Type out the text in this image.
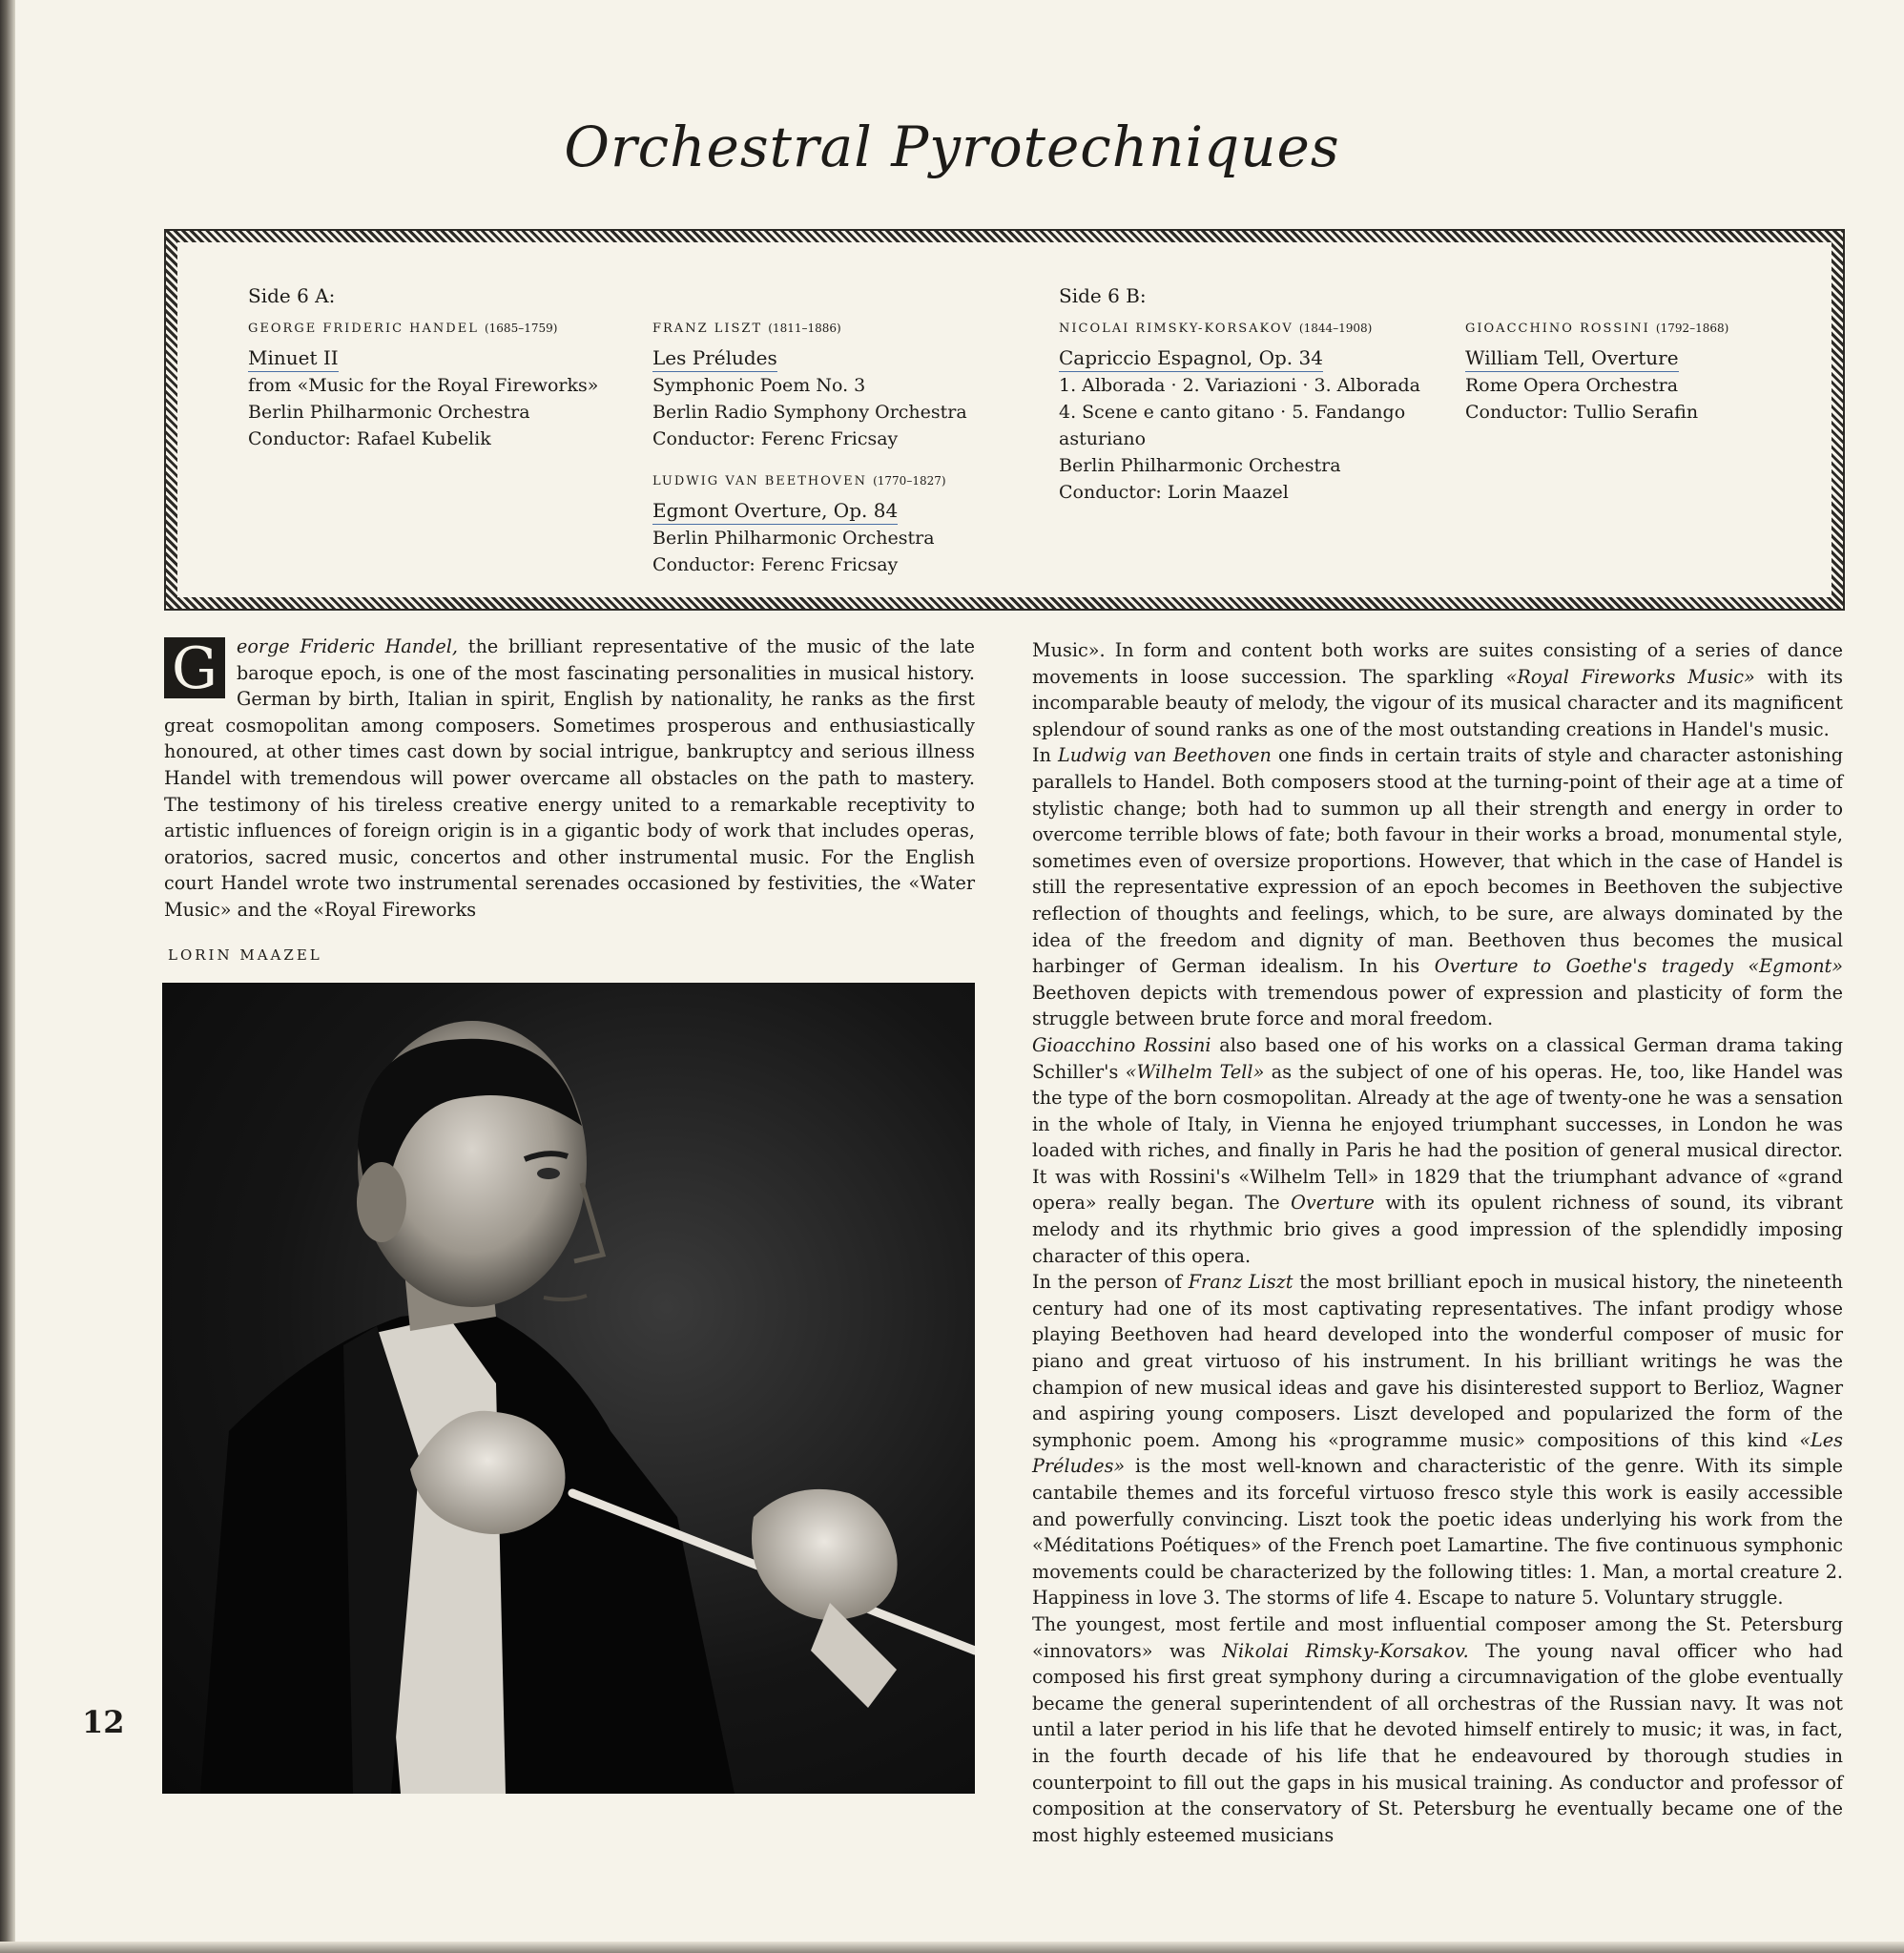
Orchestral Pyrotechniques
Side 6 A:
GEORGE FRIDERIC HANDEL (1685–1759)
Minuet II
from «Music for the Royal Fireworks»
Berlin Philharmonic Orchestra
Conductor: Rafael Kubelik

FRANZ LISZT (1811–1886)
Les Préludes
Symphonic Poem No. 3
Berlin Radio Symphony Orchestra
Conductor: Ferenc Fricsay
LUDWIG VAN BEETHOVEN (1770–1827)
Egmont Overture, Op. 84
Berlin Philharmonic Orchestra
Conductor: Ferenc Fricsay
Side 6 B:
NICOLAI RIMSKY-KORSAKOV (1844–1908)
Capriccio Espagnol, Op. 34
1. Alborada · 2. Variazioni · 3. Alborada
4. Scene e canto gitano · 5. Fandango
asturiano
Berlin Philharmonic Orchestra
Conductor: Lorin Maazel

GIOACCHINO ROSSINI (1792–1868)
William Tell, Overture
Rome Opera Orchestra
Conductor: Tullio Serafin

G	eorge Frideric Handel, the brilliant representative of the music of the late baroque epoch, is one of the most fascinating personalities in musical history. German by birth, Italian in spirit, English by nationality, he ranks as the first great cosmopolitan among composers. Sometimes prosperous and enthusiastically honoured, at other times cast down by social intrigue, bankruptcy and serious illness Handel with tremendous will power overcame all obstacles on the path to mastery. The testimony of his tireless creative energy united to a remarkable receptivity to artistic influences of foreign origin is in a gigantic body of work that includes operas, oratorios, sacred music, concertos and other instrumental music. For the English court Handel wrote two instrumental serenades occasioned by festivities, the «Water Music» and the «Royal Fireworks

LORIN MAAZEL

Music». In form and content both works are suites consisting of a series of dance movements in loose succession. The sparkling «Royal Fireworks Music» with its incomparable beauty of melody, the vigour of its musical character and its magnificent splendour of sound ranks as one of the most outstanding creations in Handel's music.

In Ludwig van Beethoven one finds in certain traits of style and character astonishing parallels to Handel. Both composers stood at the turning-point of their age at a time of stylistic change; both had to summon up all their strength and energy in order to overcome terrible blows of fate; both favour in their works a broad, monumental style, sometimes even of oversize proportions. However, that which in the case of Handel is still the representative expression of an epoch becomes in Beethoven the subjective reflection of thoughts and feelings, which, to be sure, are always dominated by the idea of the freedom and dignity of man. Beethoven thus becomes the musical harbinger of German idealism. In his Overture to Goethe's tragedy «Egmont» Beethoven depicts with tremendous power of expression and plasticity of form the struggle between brute force and moral freedom.

Gioacchino Rossini also based one of his works on a classical German drama taking Schiller's «Wilhelm Tell» as the subject of one of his operas. He, too, like Handel was the type of the born cosmopolitan. Already at the age of twenty-one he was a sensation in the whole of Italy, in Vienna he enjoyed triumphant successes, in London he was loaded with riches, and finally in Paris he had the position of general musical director. It was with Rossini's «Wilhelm Tell» in 1829 that the triumphant advance of «grand opera» really began. The Overture with its opulent richness of sound, its vibrant melody and its rhythmic brio gives a good impression of the splendidly imposing character of this opera.

In the person of Franz Liszt the most brilliant epoch in musical history, the nineteenth century had one of its most captivating representatives. The infant prodigy whose playing Beethoven had heard developed into the wonderful composer of music for piano and great virtuoso of his instrument. In his brilliant writings he was the champion of new musical ideas and gave his disinterested support to Berlioz, Wagner and aspiring young composers. Liszt developed and popularized the form of the symphonic poem. Among his «programme music» compositions of this kind «Les Préludes» is the most well-known and characteristic of the genre. With its simple cantabile themes and its forceful virtuoso fresco style this work is easily accessible and powerfully convincing. Liszt took the poetic ideas underlying his work from the «Méditations Poétiques» of the French poet Lamartine. The five continuous symphonic movements could be characterized by the following titles: 1. Man, a mortal creature 2. Happiness in love 3. The storms of life 4. Escape to nature 5. Voluntary struggle.

The youngest, most fertile and most influential composer among the St. Petersburg «innovators» was Nikolai Rimsky-Korsakov. The young naval officer who had composed his first great symphony during a circumnavigation of the globe eventually became the general superintendent of all orchestras of the Russian navy. It was not until a later period in his life that he devoted himself entirely to music; it was, in fact, in the fourth decade of his life that he endeavoured by thorough studies in counterpoint to fill out the gaps in his musical training. As conductor and professor of composition at the conservatory of St. Petersburg he eventually became one of the most highly esteemed musicians

12
